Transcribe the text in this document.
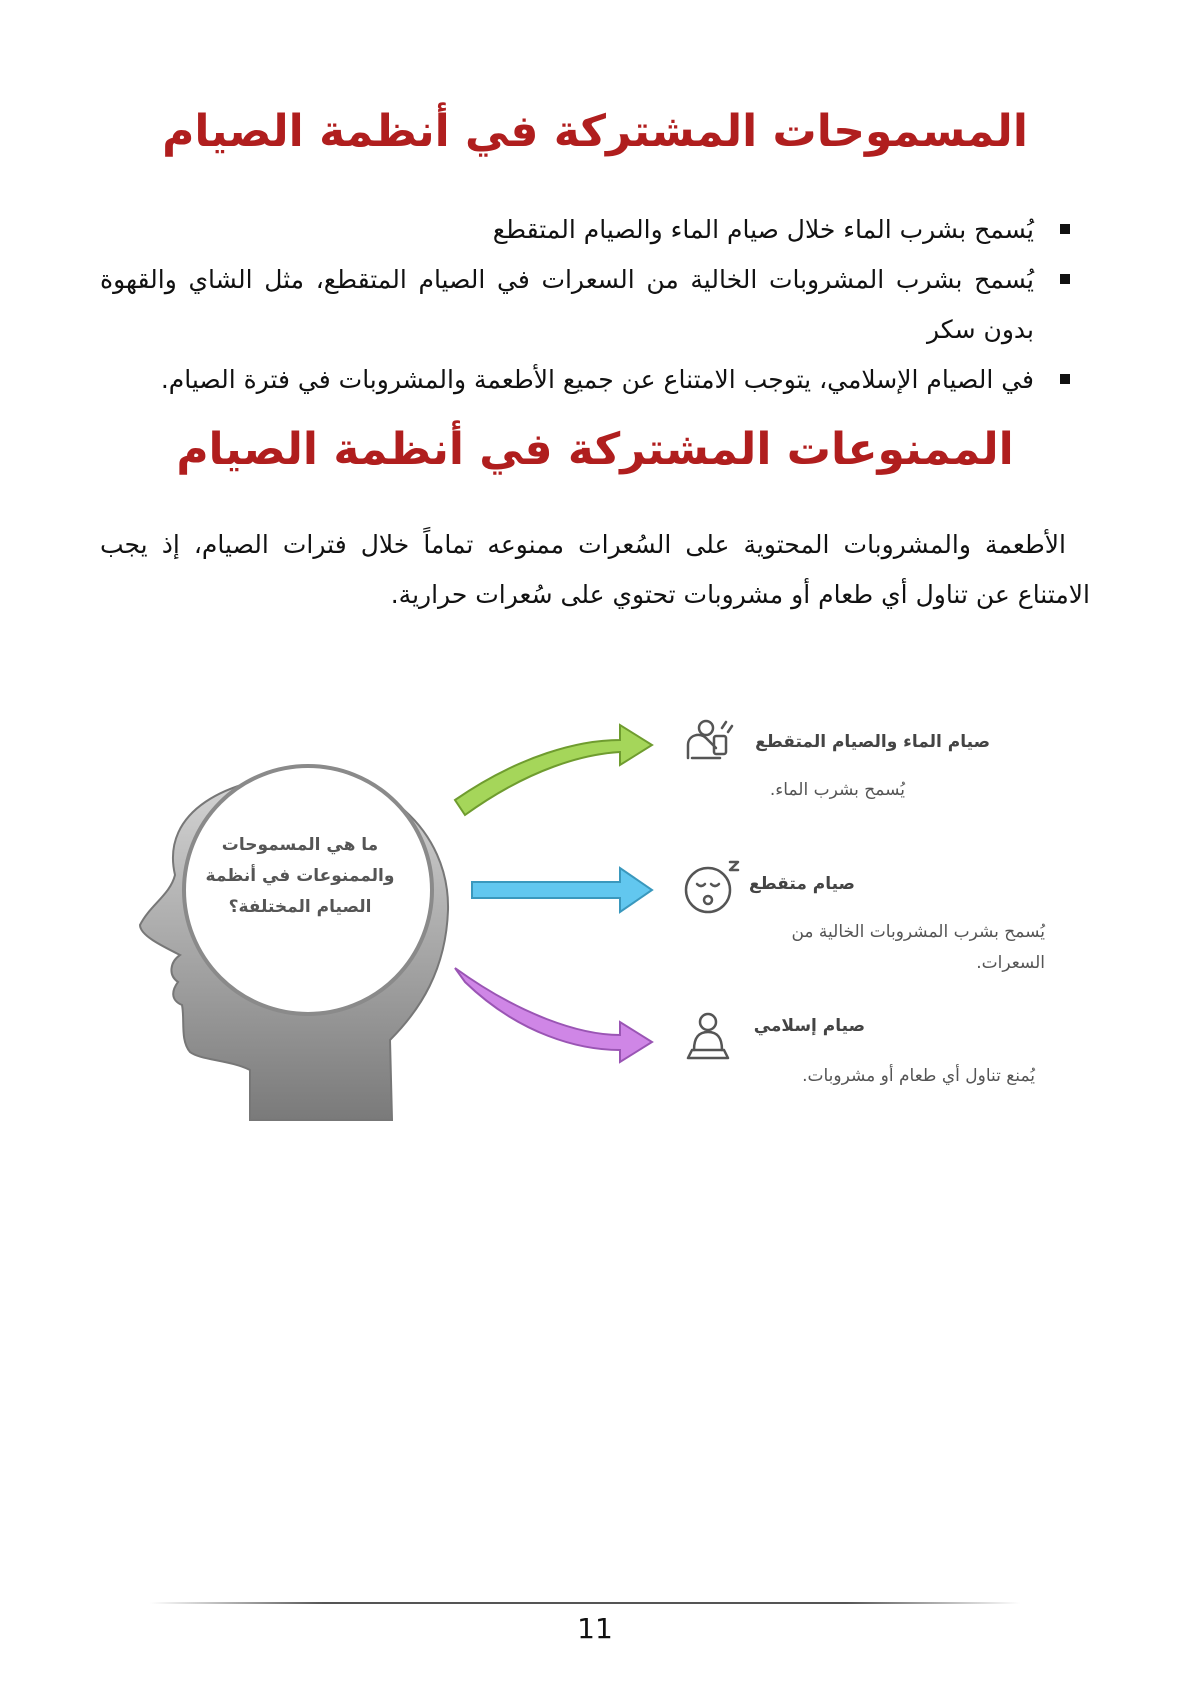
المسموحات المشتركة في أنظمة الصيام
يُسمح بشرب الماء خلال صيام الماء والصيام المتقطع
يُسمح بشرب المشروبات الخالية من السعرات في الصيام المتقطع، مثل الشاي والقهوة بدون سكر
في الصيام الإسلامي، يتوجب الامتناع عن جميع الأطعمة والمشروبات في فترة الصيام.
الممنوعات المشتركة في أنظمة الصيام
الأطعمة والمشروبات المحتوية على السُعرات ممنوعه تماماً خلال فترات الصيام، إذ يجب الامتناع عن تناول أي طعام أو مشروبات تحتوي على سُعرات حرارية.
ما هي المسموحات والممنوعات في أنظمة الصيام المختلفة؟
صيام الماء والصيام المتقطع
يُسمح بشرب الماء.
صيام متقطع
يُسمح بشرب المشروبات الخالية من السعرات.
صيام إسلامي
يُمنع تناول أي طعام أو مشروبات.
11
